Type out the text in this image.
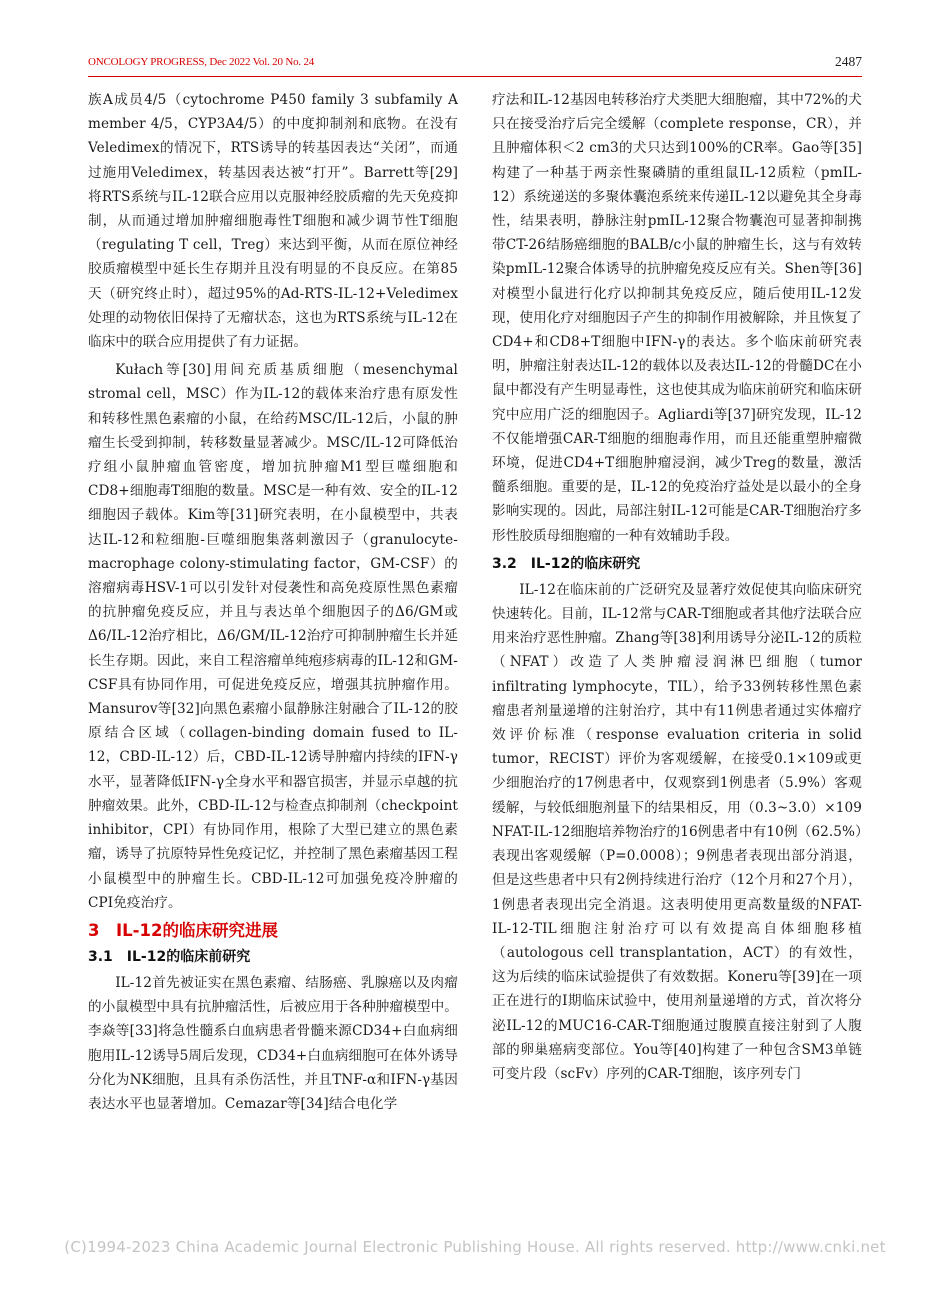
ONCOLOGY PROGRESS, Dec 2022 Vol. 20 No. 24	2487

族A成员4/5（cytochrome P450 family 3 subfamily A member 4/5，CYP3A4/5）的中度抑制剂和底物。在没有Veledimex的情况下，RTS诱导的转基因表达“关闭”，而通过施用Veledimex，转基因表达被“打开”。Barrett等[29]将RTS系统与IL-12联合应用以克服神经胶质瘤的先天免疫抑制，从而通过增加肿瘤细胞毒性T细胞和减少调节性T细胞（regulating T cell，Treg）来达到平衡，从而在原位神经胶质瘤模型中延长生存期并且没有明显的不良反应。在第85天（研究终止时），超过95%的Ad-RTS-IL-12+Veledimex处理的动物依旧保持了无瘤状态，这也为RTS系统与IL-12在临床中的联合应用提供了有力证据。

Kułach等[30]用间充质基质细胞（mesenchymal stromal cell，MSC）作为IL-12的载体来治疗患有原发性和转移性黑色素瘤的小鼠，在给药MSC/IL-12后，小鼠的肿瘤生长受到抑制，转移数量显著减少。MSC/IL-12可降低治疗组小鼠肿瘤血管密度，增加抗肿瘤M1型巨噬细胞和CD8+细胞毒T细胞的数量。MSC是一种有效、安全的IL-12细胞因子载体。Kim等[31]研究表明，在小鼠模型中，共表达IL-12和粒细胞-巨噬细胞集落刺激因子（granulocyte-macrophage colony-stimulating factor，GM-CSF）的溶瘤病毒HSV-1可以引发针对侵袭性和高免疫原性黑色素瘤的抗肿瘤免疫反应，并且与表达单个细胞因子的Δ6/GM或Δ6/IL-12治疗相比，Δ6/GM/IL-12治疗可抑制肿瘤生长并延长生存期。因此，来自工程溶瘤单纯疱疹病毒的IL-12和GM-CSF具有协同作用，可促进免疫反应，增强其抗肿瘤作用。Mansurov等[32]向黑色素瘤小鼠静脉注射融合了IL-12的胶原结合区域（collagen-binding domain fused to IL-12，CBD-IL-12）后，CBD-IL-12诱导肿瘤内持续的IFN-γ水平，显著降低IFN-γ全身水平和器官损害，并显示卓越的抗肿瘤效果。此外，CBD-IL-12与检查点抑制剂（checkpoint inhibitor，CPI）有协同作用，根除了大型已建立的黑色素瘤，诱导了抗原特异性免疫记忆，并控制了黑色素瘤基因工程小鼠模型中的肿瘤生长。CBD-IL-12可加强免疫冷肿瘤的CPI免疫治疗。

3　IL-12的临床研究进展
3.1　IL-12的临床前研究

IL-12首先被证实在黑色素瘤、结肠癌、乳腺癌以及肉瘤的小鼠模型中具有抗肿瘤活性，后被应用于各种肿瘤模型中。李焱等[33]将急性髓系白血病患者骨髓来源CD34+白血病细胞用IL-12诱导5周后发现，CD34+白血病细胞可在体外诱导分化为NK细胞，且具有杀伤活性，并且TNF-α和IFN-γ基因表达水平也显著增加。Cemazar等[34]结合电化学

疗法和IL-12基因电转移治疗犬类肥大细胞瘤，其中72%的犬只在接受治疗后完全缓解（complete response，CR），并且肿瘤体积＜2 cm3的犬只达到100%的CR率。Gao等[35]构建了一种基于两亲性聚磷腈的重组鼠IL-12质粒（pmIL-12）系统递送的多聚体囊泡系统来传递IL-12以避免其全身毒性，结果表明，静脉注射pmIL-12聚合物囊泡可显著抑制携带CT-26结肠癌细胞的BALB/c小鼠的肿瘤生长，这与有效转染pmIL-12聚合体诱导的抗肿瘤免疫反应有关。Shen等[36]对模型小鼠进行化疗以抑制其免疫反应，随后使用IL-12发现，使用化疗对细胞因子产生的抑制作用被解除，并且恢复了CD4+和CD8+T细胞中IFN-γ的表达。多个临床前研究表明，肿瘤注射表达IL-12的载体以及表达IL-12的骨髓DC在小鼠中都没有产生明显毒性，这也使其成为临床前研究和临床研究中应用广泛的细胞因子。Agliardi等[37]研究发现，IL-12不仅能增强CAR-T细胞的细胞毒作用，而且还能重塑肿瘤微环境，促进CD4+T细胞肿瘤浸润，减少Treg的数量，激活髓系细胞。重要的是，IL-12的免疫治疗益处是以最小的全身影响实现的。因此，局部注射IL-12可能是CAR-T细胞治疗多形性胶质母细胞瘤的一种有效辅助手段。

3.2　IL-12的临床研究

IL-12在临床前的广泛研究及显著疗效促使其向临床研究快速转化。目前，IL-12常与CAR-T细胞或者其他疗法联合应用来治疗恶性肿瘤。Zhang等[38]利用诱导分泌IL-12的质粒（NFAT）改造了人类肿瘤浸润淋巴细胞（tumor infiltrating lymphocyte，TIL），给予33例转移性黑色素瘤患者剂量递增的注射治疗，其中有11例患者通过实体瘤疗效评价标准（response evaluation criteria in solid tumor，RECIST）评价为客观缓解，在接受0.1×109或更少细胞治疗的17例患者中，仅观察到1例患者（5.9%）客观缓解，与较低细胞剂量下的结果相反，用（0.3~3.0）×109 NFAT-IL-12细胞培养物治疗的16例患者中有10例（62.5%）表现出客观缓解（P=0.0008）；9例患者表现出部分消退，但是这些患者中只有2例持续进行治疗（12个月和27个月），1例患者表现出完全消退。这表明使用更高数量级的NFAT-IL-12-TIL细胞注射治疗可以有效提高自体细胞移植（autologous cell transplantation，ACT）的有效性，这为后续的临床试验提供了有效数据。Koneru等[39]在一项正在进行的Ⅰ期临床试验中，使用剂量递增的方式，首次将分泌IL-12的MUC16-CAR-T细胞通过腹膜直接注射到了人腹部的卵巢癌病变部位。You等[40]构建了一种包含SM3单链可变片段（scFv）序列的CAR-T细胞，该序列专门

(C)1994-2023 China Academic Journal Electronic Publishing House. All rights reserved. http://www.cnki.net
